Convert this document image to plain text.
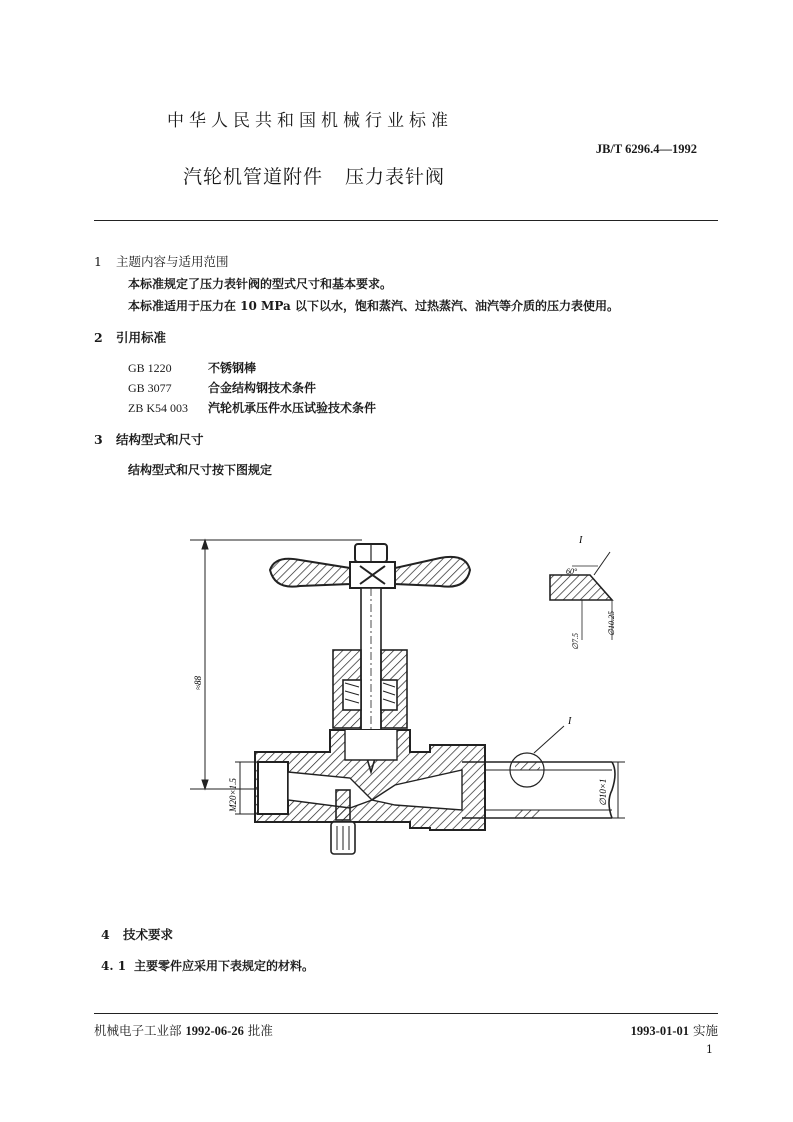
中华人民共和国机械行业标准
JB/T 6296.4—1992
汽轮机管道附件 压力表针阀
1 主题内容与适用范围
本标准规定了压力表针阀的型式尺寸和基本要求。
本标准适用于压力在 10 MPa 以下以水，饱和蒸汽、过热蒸汽、油汽等介质的压力表使用。
2 引用标准
GB 1220	不锈钢棒
GB 3077	合金结构钢技术条件
ZB K54 003 汽轮机承压件水压试验技术条件
3 结构型式和尺寸
结构型式和尺寸按下图规定
≈88
I
M20×1.5	∅10×1
I
60°
∅7.5
∅10.25
4 技术要求
4. 1 主要零件应采用下表规定的材料。
机械电子工业部 1992-06-26 批准	1993-01-01 实施
1
